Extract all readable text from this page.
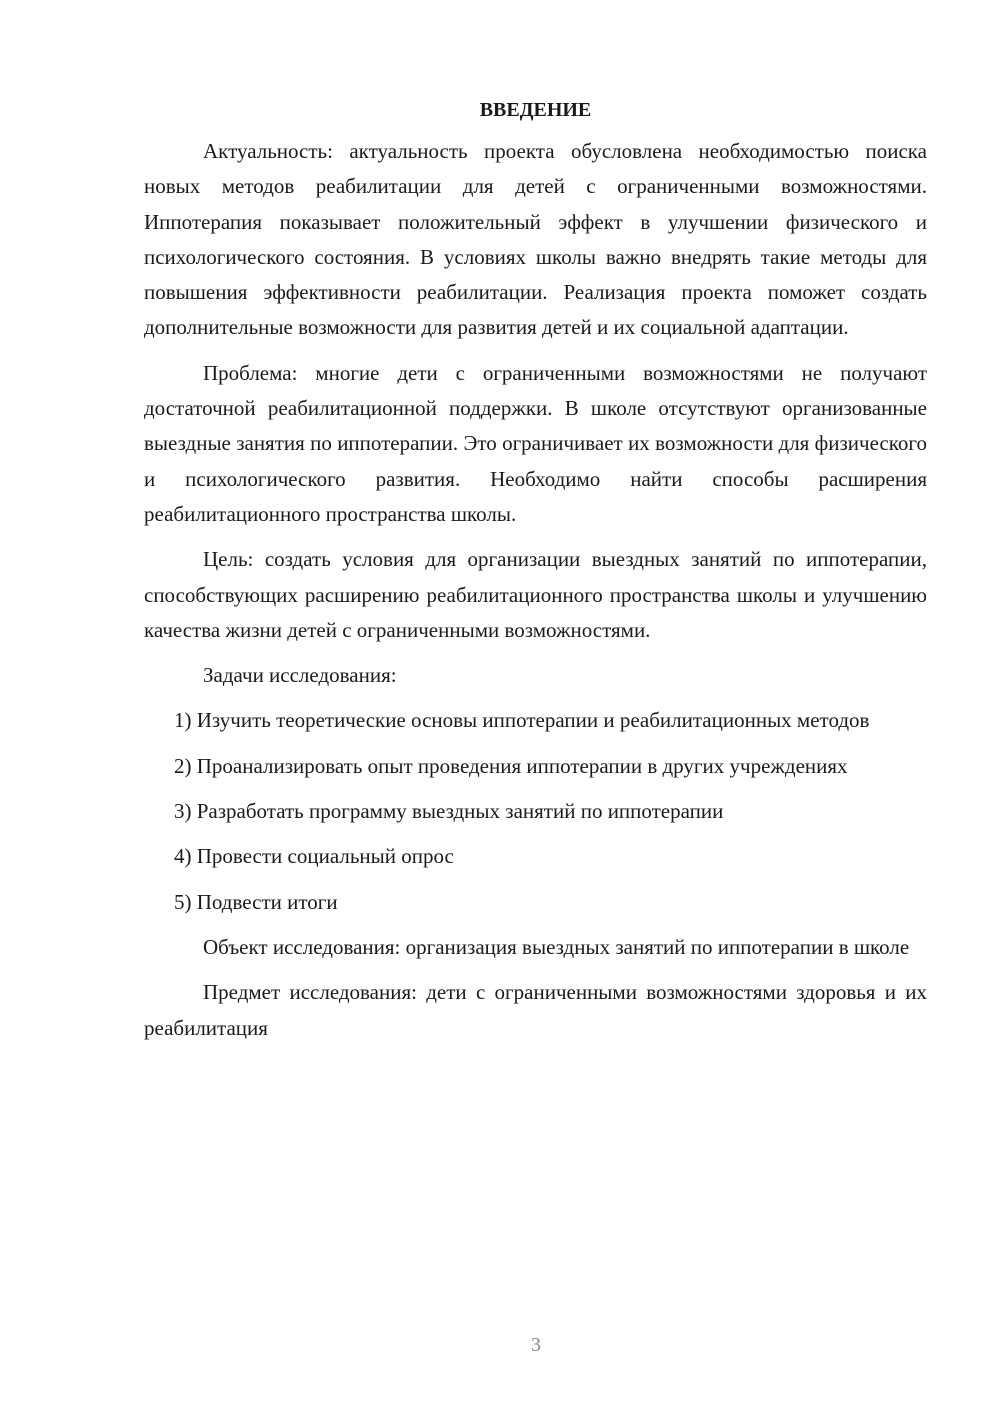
ВВЕДЕНИЕ

Актуальность: актуальность проекта обусловлена необходимостью поиска новых методов реабилитации для детей с ограниченными возможностями. Иппотерапия показывает положительный эффект в улучшении физического и психологического состояния. В условиях школы важно внедрять такие методы для повышения эффективности реабилитации. Реализация проекта поможет создать дополнительные возможности для развития детей и их социальной адаптации.

Проблема: многие дети с ограниченными возможностями не получают достаточной реабилитационной поддержки. В школе отсутствуют организованные выездные занятия по иппотерапии. Это ограничивает их возможности для физического и психологического развития. Необходимо найти способы расширения реабилитационного пространства школы.

Цель: создать условия для организации выездных занятий по иппотерапии, способствующих расширению реабилитационного пространства школы и улучшению качества жизни детей с ограниченными возможностями.

Задачи исследования:

1) Изучить теоретические основы иппотерапии и реабилитационных методов

2) Проанализировать опыт проведения иппотерапии в других учреждениях

3) Разработать программу выездных занятий по иппотерапии

4) Провести социальный опрос

5) Подвести итоги

Объект исследования: организация выездных занятий по иппотерапии в школе

Предмет исследования: дети с ограниченными возможностями здоровья и их реабилитация

3
